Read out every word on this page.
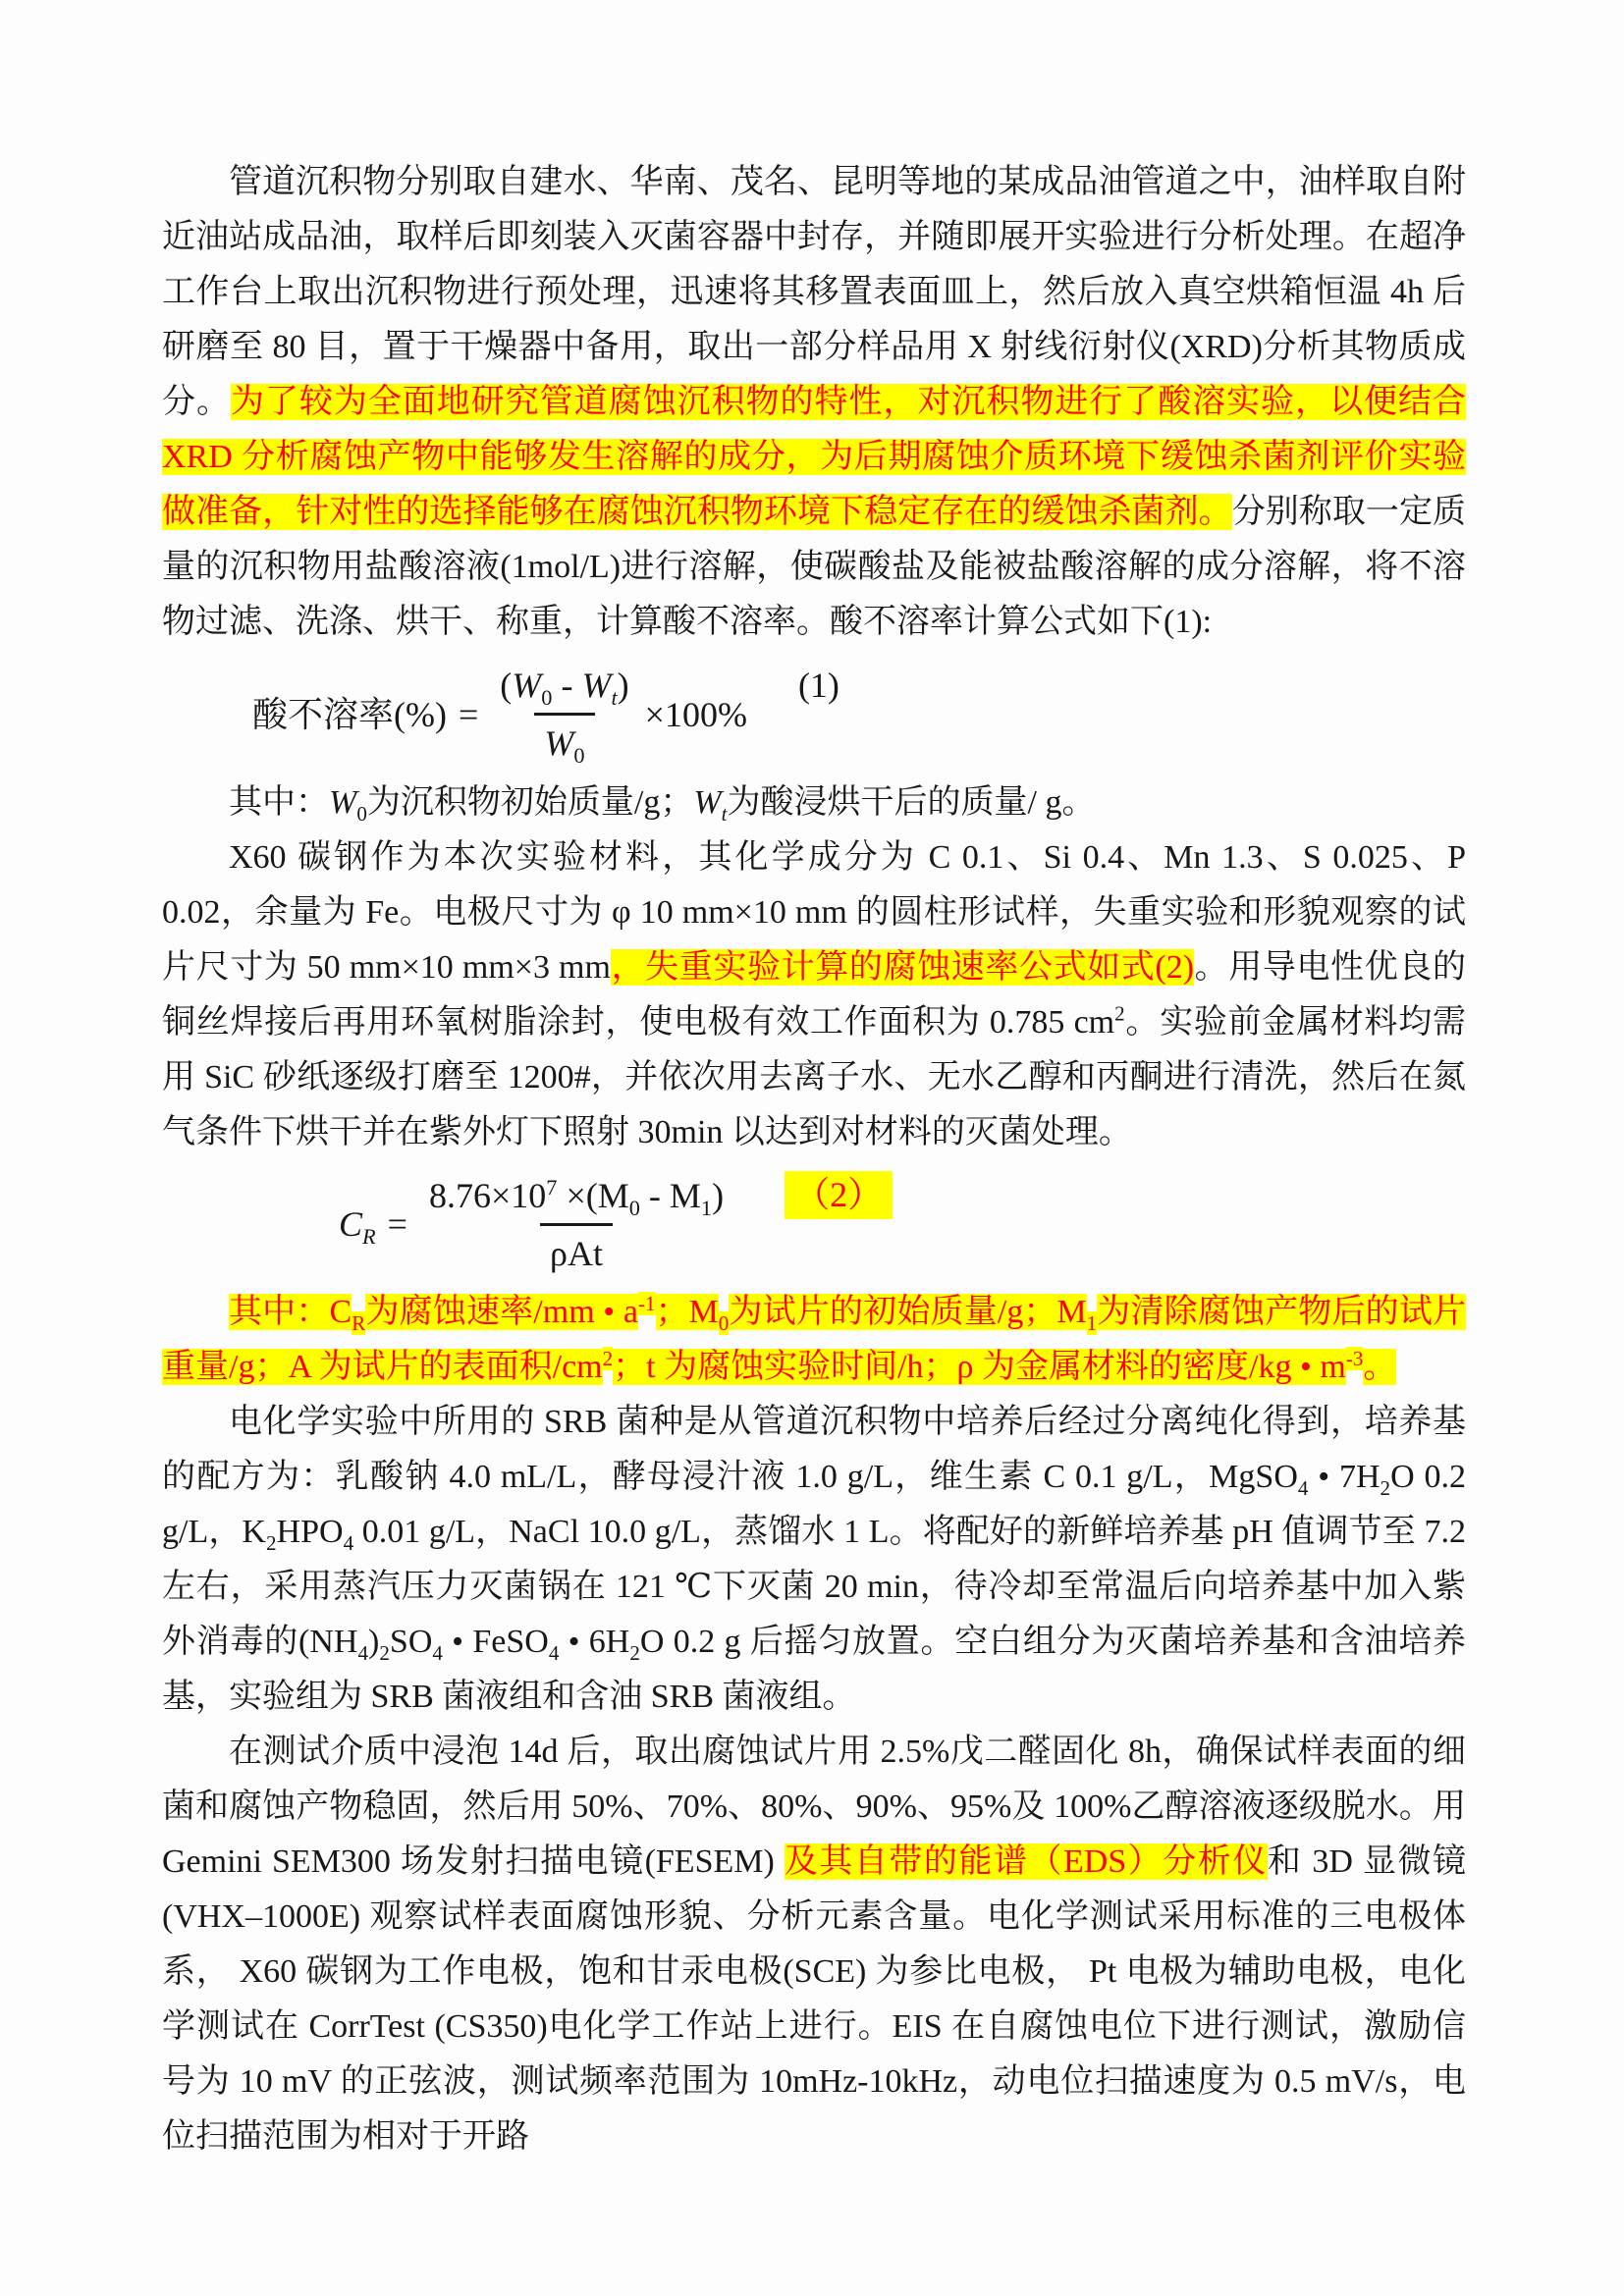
管道沉积物分别取自建水、华南、茂名、昆明等地的某成品油管道之中，油样取自附近油站成品油，取样后即刻装入灭菌容器中封存，并随即展开实验进行分析处理。在超净工作台上取出沉积物进行预处理，迅速将其移置表面皿上，然后放入真空烘箱恒温 4h 后研磨至 80 目，置于干燥器中备用，取出一部分样品用 X 射线衍射仪(XRD)分析其物质成分。为了较为全面地研究管道腐蚀沉积物的特性，对沉积物进行了酸溶实验，以便结合 XRD 分析腐蚀产物中能够发生溶解的成分，为后期腐蚀介质环境下缓蚀杀菌剂评价实验做准备，针对性的选择能够在腐蚀沉积物环境下稳定存在的缓蚀杀菌剂。分别称取一定质量的沉积物用盐酸溶液(1mol/L)进行溶解，使碳酸盐及能被盐酸溶解的成分溶解，将不溶物过滤、洗涤、烘干、称重，计算酸不溶率。酸不溶率计算公式如下(1):

酸不溶率(%) = $\frac{(W_0 - W_t)}{W_0} \times 100\%$
(1)

其中：$W_0$为沉积物初始质量/g；$W_t$为酸浸烘干后的质量/ g。

X60 碳钢作为本次实验材料，其化学成分为 C 0.1、Si 0.4、Mn 1.3、S 0.025、P 0.02，余量为 Fe。电极尺寸为 φ 10 mm×10 mm 的圆柱形试样，失重实验和形貌观察的试片尺寸为 50 mm×10 mm×3 mm，失重实验计算的腐蚀速率公式如式(2)。用导电性优良的铜丝焊接后再用环氧树脂涂封，使电极有效工作面积为 0.785 $cm^2$。实验前金属材料均需用 SiC 砂纸逐级打磨至 1200#，并依次用去离子水、无水乙醇和丙酮进行清洗，然后在氮气条件下烘干并在紫外灯下照射 30min 以达到对材料的灭菌处理。

$C_R = \frac{8.76\times 10^7 \times(M_0 - M_1)}{\text{ρAt}} (2)$

其中：$C_R$为腐蚀速率/mm • $a^{-1}$；$M_0$为试片的初始质量/g；$M_1$为清除腐蚀产物后的试片重量/g；A 为试片的表面积$/cm^2$；t 为腐蚀实验时间/h；ρ 为金属材料的密度/kg • $m^{-3}$。

电化学实验中所用的 SRB 菌种是从管道沉积物中培养后经过分离纯化得到，培养基的配方为：乳酸钠 4.0 mL/L，酵母浸汁液 1.0 g/L，维生素 C 0.1 g/L，MgSO$_4$ • $7H_2O$ 0.2 g/L，$K_2HPO_4$ 0.01 g/L，NaCl 10.0 g/L，蒸馏水 1 L。将配好的新鲜培养基 pH 值调节至 7.2 左右，采用蒸汽压力灭菌锅在 121 ℃下灭菌 20 min，待冷却至常温后向培养基中加入紫外消毒的$(NH_4)_2SO_4$ • FeSO$_4$ • $6H_2O$ 0.2 g 后摇匀放置。空白组分为灭菌培养基和含油培养基，实验组为 SRB 菌液组和含油 SRB 菌液组。

在测试介质中浸泡 14d 后，取出腐蚀试片用 2.5%戊二醛固化 8h，确保试样表面的细菌和腐蚀产物稳固，然后用 50%、70%、80%、90%、95%及 100%乙醇溶液逐级脱水。用 Gemini SEM300 场发射扫描电镜(FESEM) 及其自带的能谱（EDS）分析仪和 3D 显微镜 (VHX–1000E) 观察试样表面腐蚀形貌、分析元素含量。电化学测试采用标准的三电极体系， X60 碳钢为工作电极，饱和甘汞电极(SCE) 为参比电极， Pt 电极为辅助电极，电化学测试在 CorrTest (CS350)电化学工作站上进行。EIS 在自腐蚀电位下进行测试，激励信号为 10 mV 的正弦波，测试频率范围为 10mHz-10kHz，动电位扫描速度为 0.5 mV/s，电位扫描范围为相对于开路
